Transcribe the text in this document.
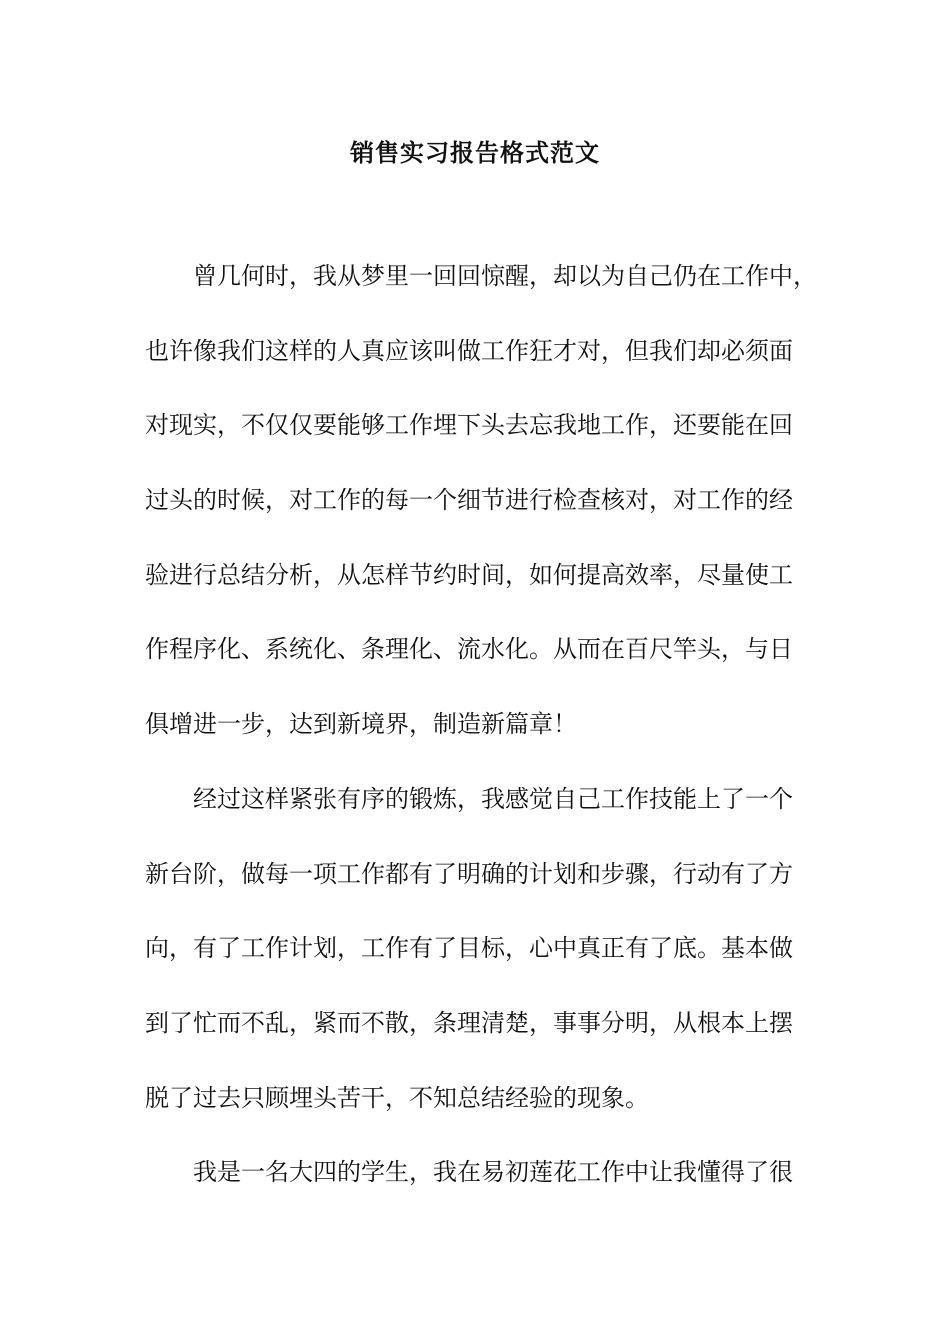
销售实习报告格式范文
曾几何时，我从梦里一回回惊醒，却以为自己仍在工作中，
也许像我们这样的人真应该叫做工作狂才对，但我们却必须面
对现实，不仅仅要能够工作埋下头去忘我地工作，还要能在回
过头的时候，对工作的每一个细节进行检查核对，对工作的经
验进行总结分析，从怎样节约时间，如何提高效率，尽量使工
作程序化、系统化、条理化、流水化。从而在百尺竿头，与日
俱增进一步，达到新境界，制造新篇章！
经过这样紧张有序的锻炼，我感觉自己工作技能上了一个
新台阶，做每一项工作都有了明确的计划和步骤，行动有了方
向，有了工作计划，工作有了目标，心中真正有了底。基本做
到了忙而不乱，紧而不散，条理清楚，事事分明，从根本上摆
脱了过去只顾埋头苦干，不知总结经验的现象。
我是一名大四的学生，我在易初莲花工作中让我懂得了很
